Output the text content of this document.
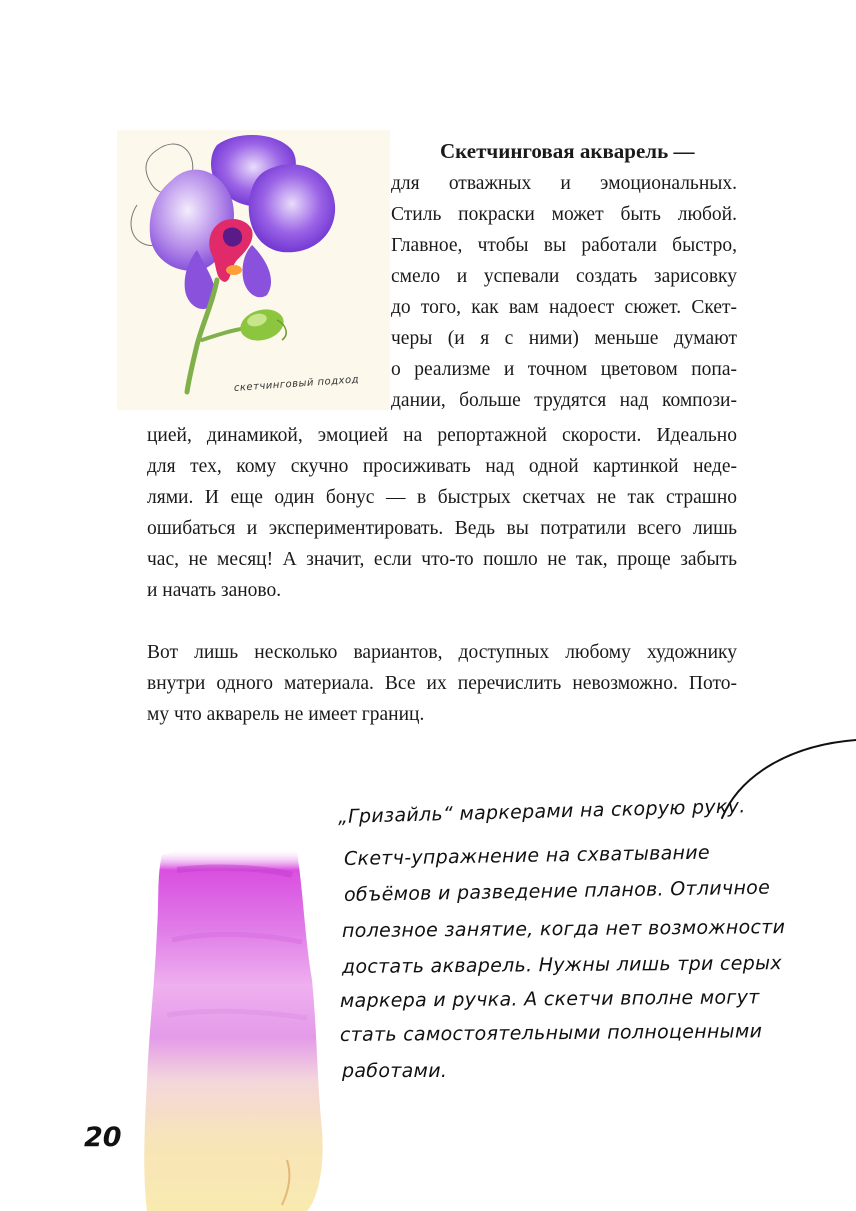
скетчинговый подход
Скетчинговая акварель —
для отважных и эмоциональных.
Стиль покраски может быть любой.
Главное, чтобы вы работали быстро,
смело и успевали создать зарисовку
до того, как вам надоест сюжет. Скет-
черы (и я с ними) меньше думают
о реализме и точном цветовом попа-
дании, больше трудятся над компози-
цией, динамикой, эмоцией на репортажной скорости. Идеально
для тех, кому скучно просиживать над одной картинкой неде-
лями. И еще один бонус — в быстрых скетчах не так страшно
ошибаться и экспериментировать. Ведь вы потратили всего лишь
час, не месяц! А значит, если что-то пошло не так, проще забыть
и начать заново.
Вот лишь несколько вариантов, доступных любому художнику
внутри одного материала. Все их перечислить невозможно. Пото-
му что акварель не имеет границ.
„Гризайль“ маркерами на скорую руку.
Скетч-упражнение на схватывание
объёмов и разведение планов. Отличное
полезное занятие, когда нет возможности
достать акварель. Нужны лишь три серых
маркера и ручка. А скетчи вполне могут
стать самостоятельными полноценными
работами.
20
